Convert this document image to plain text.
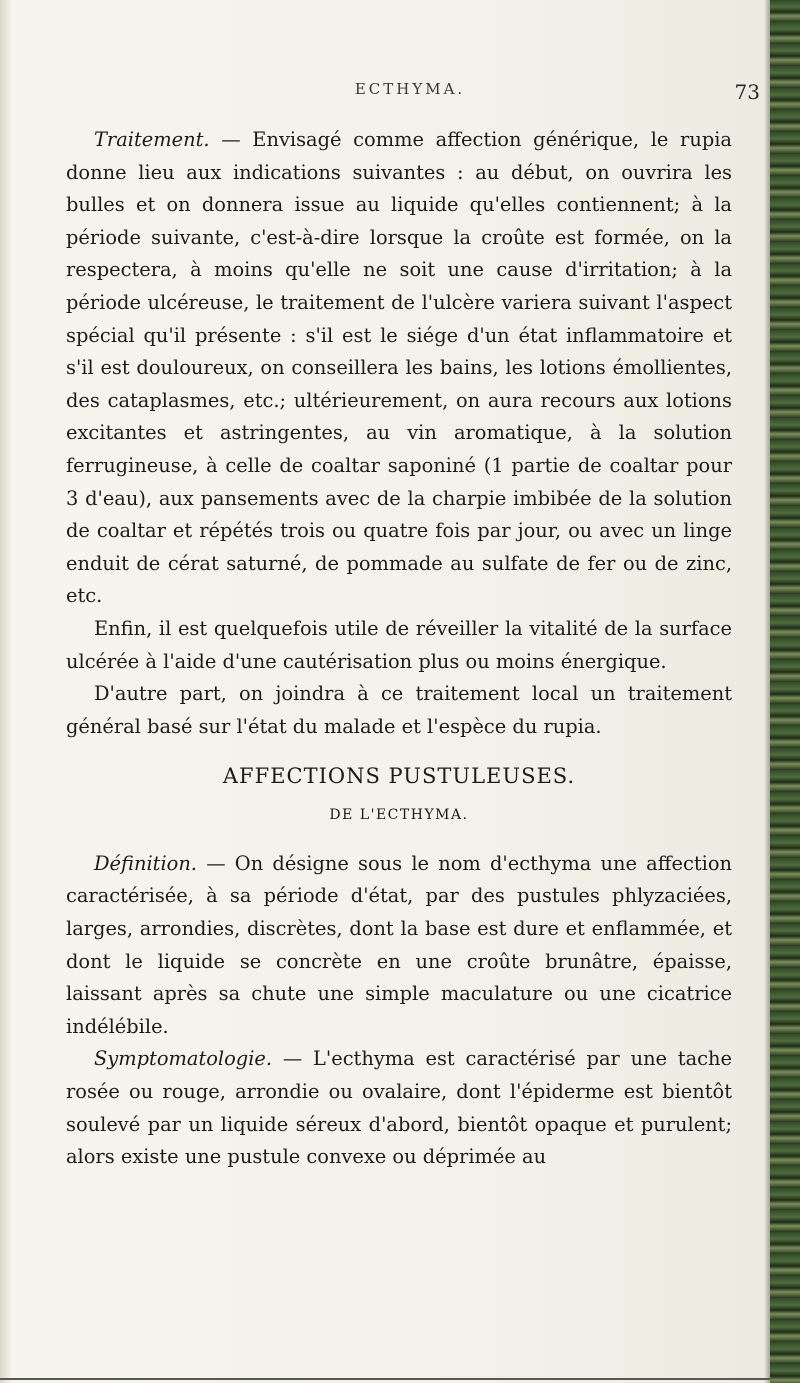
ECTHYMA.	73

Traitement. — Envisagé comme affection générique, le rupia donne lieu aux indications suivantes : au début, on ouvrira les bulles et on donnera issue au liquide qu'elles contiennent; à la période suivante, c'est-à-dire lorsque la croûte est formée, on la respectera, à moins qu'elle ne soit une cause d'irritation; à la période ulcéreuse, le traitement de l'ulcère variera suivant l'aspect spécial qu'il présente : s'il est le siége d'un état inflammatoire et s'il est douloureux, on conseillera les bains, les lotions émollientes, des cataplasmes, etc.; ultérieurement, on aura recours aux lotions excitantes et astringentes, au vin aromatique, à la solution ferrugineuse, à celle de coaltar saponiné (1 partie de coaltar pour 3 d'eau), aux pansements avec de la charpie imbibée de la solution de coaltar et répétés trois ou quatre fois par jour, ou avec un linge enduit de cérat saturné, de pommade au sulfate de fer ou de zinc, etc.

Enfin, il est quelquefois utile de réveiller la vitalité de la surface ulcérée à l'aide d'une cautérisation plus ou moins énergique.

D'autre part, on joindra à ce traitement local un traitement général basé sur l'état du malade et l'espèce du rupia.

AFFECTIONS PUSTULEUSES.

DE L'ECTHYMA.

Définition. — On désigne sous le nom d'ecthyma une affection caractérisée, à sa période d'état, par des pustules phlyzaciées, larges, arrondies, discrètes, dont la base est dure et enflammée, et dont le liquide se concrète en une croûte brunâtre, épaisse, laissant après sa chute une simple maculature ou une cicatrice indélébile.

Symptomatologie. — L'ecthyma est caractérisé par une tache rosée ou rouge, arrondie ou ovalaire, dont l'épiderme est bientôt soulevé par un liquide séreux d'abord, bientôt opaque et purulent; alors existe une pustule convexe ou déprimée au
